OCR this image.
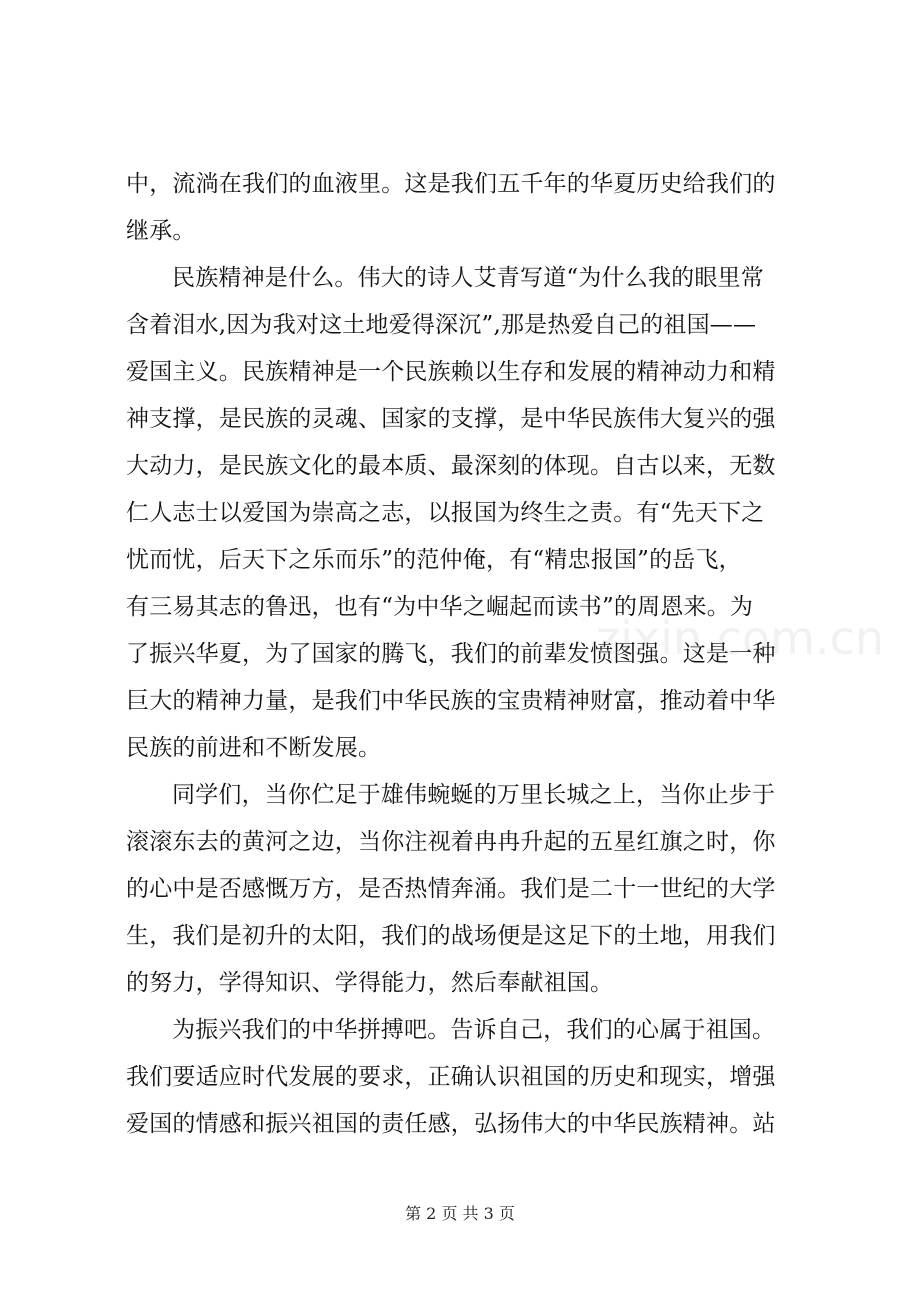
中，流淌在我们的血液里。这是我们五千年的华夏历史给我们的
继承。
民族精神是什么。伟大的诗人艾青写道“为什么我的眼里常
含着泪水,因为我对这土地爱得深沉”,那是热爱自己的祖国——
爱国主义。民族精神是一个民族赖以生存和发展的精神动力和精
神支撑，是民族的灵魂、国家的支撑，是中华民族伟大复兴的强
大动力，是民族文化的最本质、最深刻的体现。自古以来，无数
仁人志士以爱国为崇高之志，以报国为终生之责。有“先天下之
忧而忧，后天下之乐而乐”的范仲俺，有“精忠报国”的岳飞，
有三易其志的鲁迅，也有“为中华之崛起而读书”的周恩来。为
了振兴华夏，为了国家的腾飞，我们的前辈发愤图强。这是一种
巨大的精神力量，是我们中华民族的宝贵精神财富，推动着中华
民族的前进和不断发展。
同学们，当你伫足于雄伟蜿蜒的万里长城之上，当你止步于
滚滚东去的黄河之边，当你注视着冉冉升起的五星红旗之时，你
的心中是否感慨万方，是否热情奔涌。我们是二十一世纪的大学
生，我们是初升的太阳，我们的战场便是这足下的土地，用我们
的努力，学得知识、学得能力，然后奉献祖国。
为振兴我们的中华拼搏吧。告诉自己，我们的心属于祖国。
我们要适应时代发展的要求，正确认识祖国的历史和现实，增强
爱国的情感和振兴祖国的责任感，弘扬伟大的中华民族精神。站
zixin.com.cn
第 2 页 共 3 页
